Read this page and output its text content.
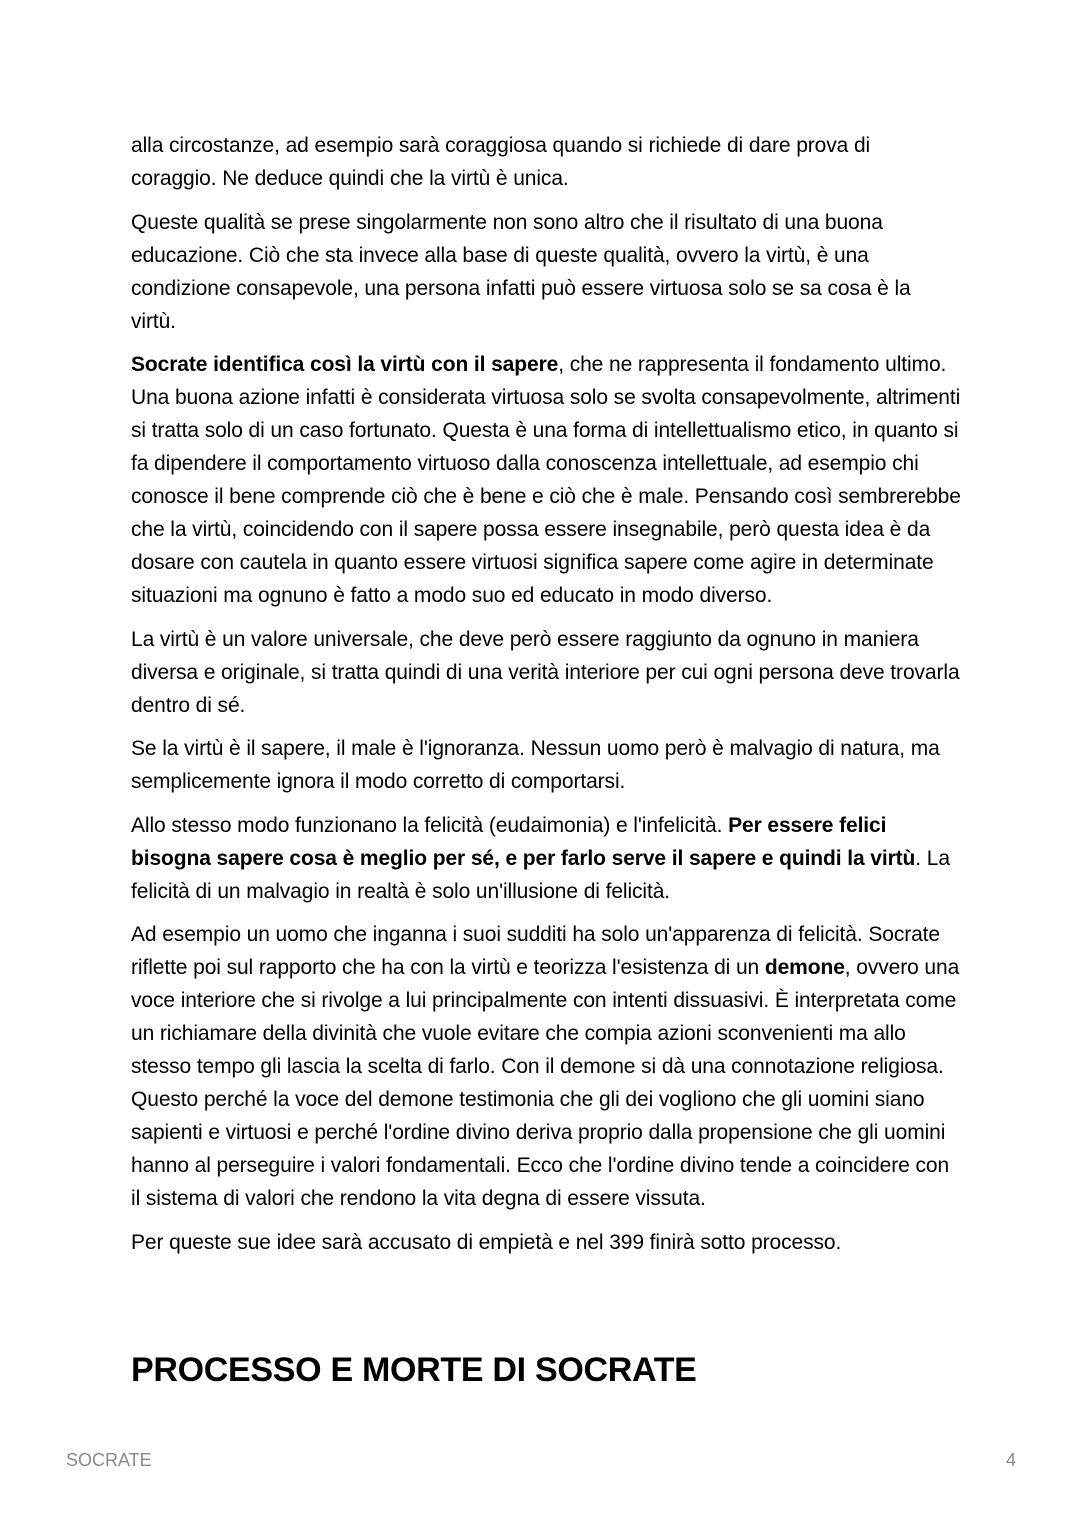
alla circostanze, ad esempio sarà coraggiosa quando si richiede di dare prova di coraggio. Ne deduce quindi che la virtù è unica.

Queste qualità se prese singolarmente non sono altro che il risultato di una buona educazione. Ciò che sta invece alla base di queste qualità, ovvero la virtù, è una condizione consapevole, una persona infatti può essere virtuosa solo se sa cosa è la virtù.

Socrate identifica così la virtù con il sapere, che ne rappresenta il fondamento ultimo. Una buona azione infatti è considerata virtuosa solo se svolta consapevolmente, altrimenti si tratta solo di un caso fortunato. Questa è una forma di intellettualismo etico, in quanto si fa dipendere il comportamento virtuoso dalla conoscenza intellettuale, ad esempio chi conosce il bene comprende ciò che è bene e ciò che è male. Pensando così sembrerebbe che la virtù, coincidendo con il sapere possa essere insegnabile, però questa idea è da dosare con cautela in quanto essere virtuosi significa sapere come agire in determinate situazioni ma ognuno è fatto a modo suo ed educato in modo diverso.

La virtù è un valore universale, che deve però essere raggiunto da ognuno in maniera diversa e originale, si tratta quindi di una verità interiore per cui ogni persona deve trovarla dentro di sé.

Se la virtù è il sapere, il male è l'ignoranza. Nessun uomo però è malvagio di natura, ma semplicemente ignora il modo corretto di comportarsi.

Allo stesso modo funzionano la felicità (eudaimonia) e l'infelicità. Per essere felici bisogna sapere cosa è meglio per sé, e per farlo serve il sapere e quindi la virtù. La felicità di un malvagio in realtà è solo un'illusione di felicità.

Ad esempio un uomo che inganna i suoi sudditi ha solo un'apparenza di felicità. Socrate riflette poi sul rapporto che ha con la virtù e teorizza l'esistenza di un demone, ovvero una voce interiore che si rivolge a lui principalmente con intenti dissuasivi. È interpretata come un richiamare della divinità che vuole evitare che compia azioni sconvenienti ma allo stesso tempo gli lascia la scelta di farlo. Con il demone si dà una connotazione religiosa. Questo perché la voce del demone testimonia che gli dei vogliono che gli uomini siano sapienti e virtuosi e perché l'ordine divino deriva proprio dalla propensione che gli uomini hanno al perseguire i valori fondamentali. Ecco che l'ordine divino tende a coincidere con il sistema di valori che rendono la vita degna di essere vissuta.

Per queste sue idee sarà accusato di empietà e nel 399 finirà sotto processo.

PROCESSO E MORTE DI SOCRATE
SOCRATE	4
